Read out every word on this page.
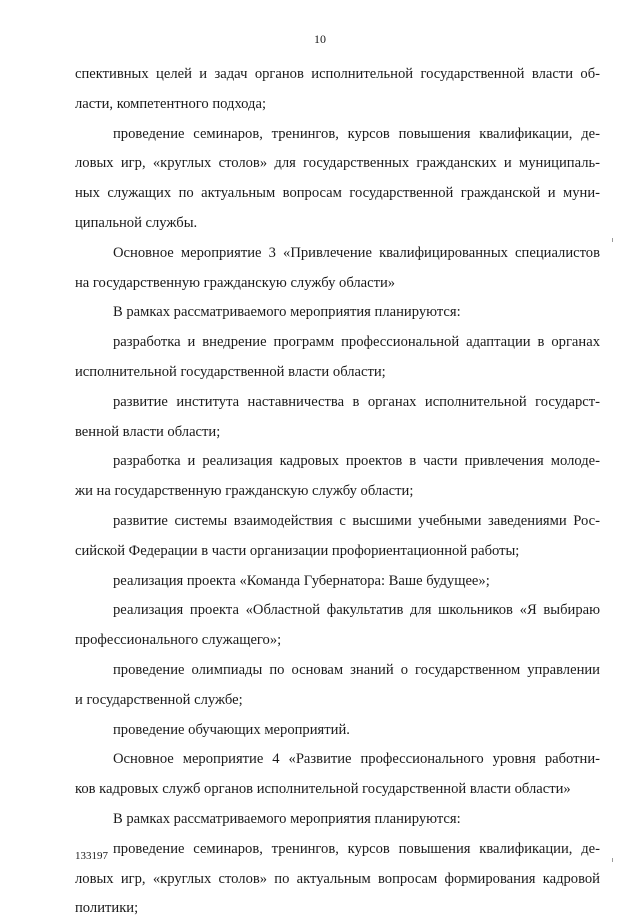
10
спективных целей и задач органов исполнительной государственной власти об-
ласти, компетентного подхода;
проведение семинаров, тренингов, курсов повышения квалификации, де-
ловых игр, «круглых столов» для государственных гражданских и муниципаль-
ных служащих по актуальным вопросам государственной гражданской и муни-
ципальной службы.
Основное мероприятие 3 «Привлечение квалифицированных специалистов
на государственную гражданскую службу области»
В рамках рассматриваемого мероприятия планируются:
разработка и внедрение программ профессиональной адаптации в органах
исполнительной государственной власти области;
развитие института наставничества в органах исполнительной государст-
венной власти области;
разработка и реализация кадровых проектов в части привлечения молоде-
жи на государственную гражданскую службу области;
развитие системы взаимодействия с высшими учебными заведениями Рос-
сийской Федерации в части организации профориентационной работы;
реализация проекта «Команда Губернатора: Ваше будущее»;
реализация проекта «Областной факультатив для школьников «Я выбираю
профессионального служащего»;
проведение олимпиады по основам знаний о государственном управлении
и государственной службе;
проведение обучающих мероприятий.
Основное мероприятие 4 «Развитие профессионального уровня работни-
ков кадровых служб органов исполнительной государственной власти области»
В рамках рассматриваемого мероприятия планируются:
проведение семинаров, тренингов, курсов повышения квалификации, де-
ловых игр, «круглых столов» по актуальным вопросам формирования кадровой
политики;
133197
